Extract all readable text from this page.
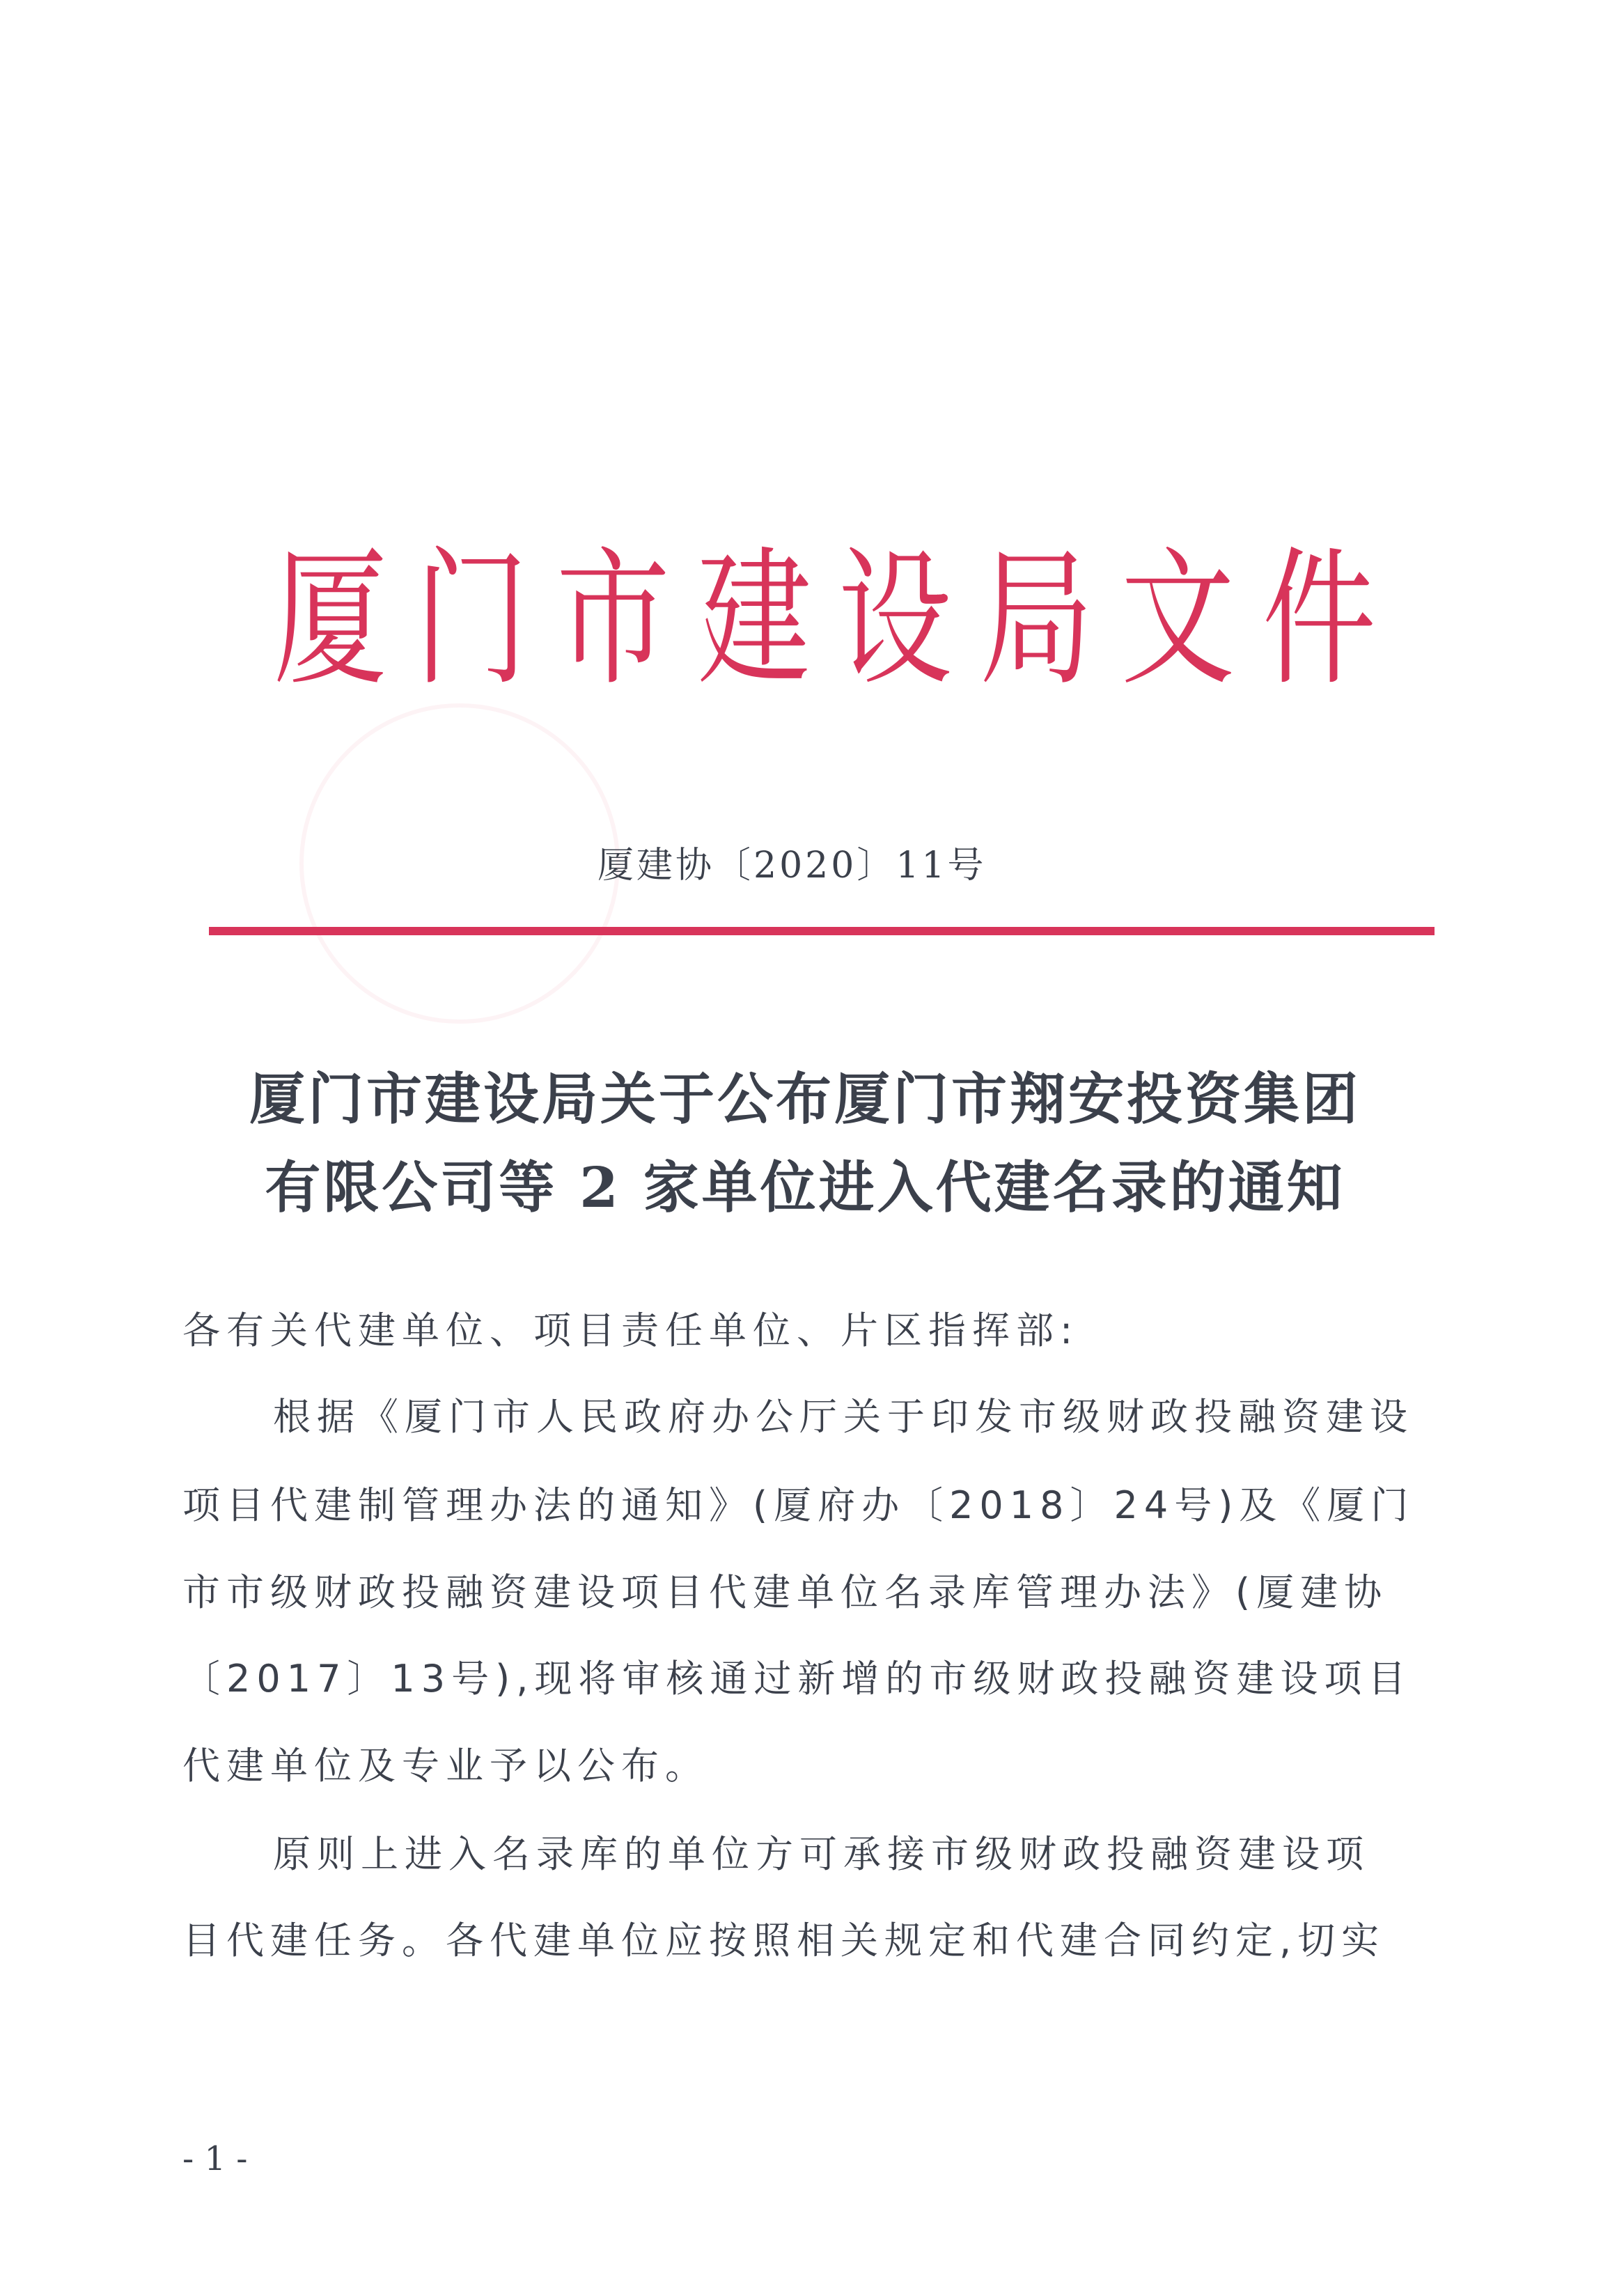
厦 门 市 建 设 局 文 件
厦建协〔2020〕11号
厦门市建设局关于公布厦门市翔安投资集团
有限公司等 2 家单位进入代建名录的通知
各有关代建单位、项目责任单位、片区指挥部:
根据《厦门市人民政府办公厅关于印发市级财政投融资建设
项目代建制管理办法的通知》(厦府办〔2018〕24号)及《厦门
市市级财政投融资建设项目代建单位名录库管理办法》(厦建协
〔2017〕13号),现将审核通过新增的市级财政投融资建设项目
代建单位及专业予以公布。
原则上进入名录库的单位方可承接市级财政投融资建设项
目代建任务。各代建单位应按照相关规定和代建合同约定,切实
- 1 -
